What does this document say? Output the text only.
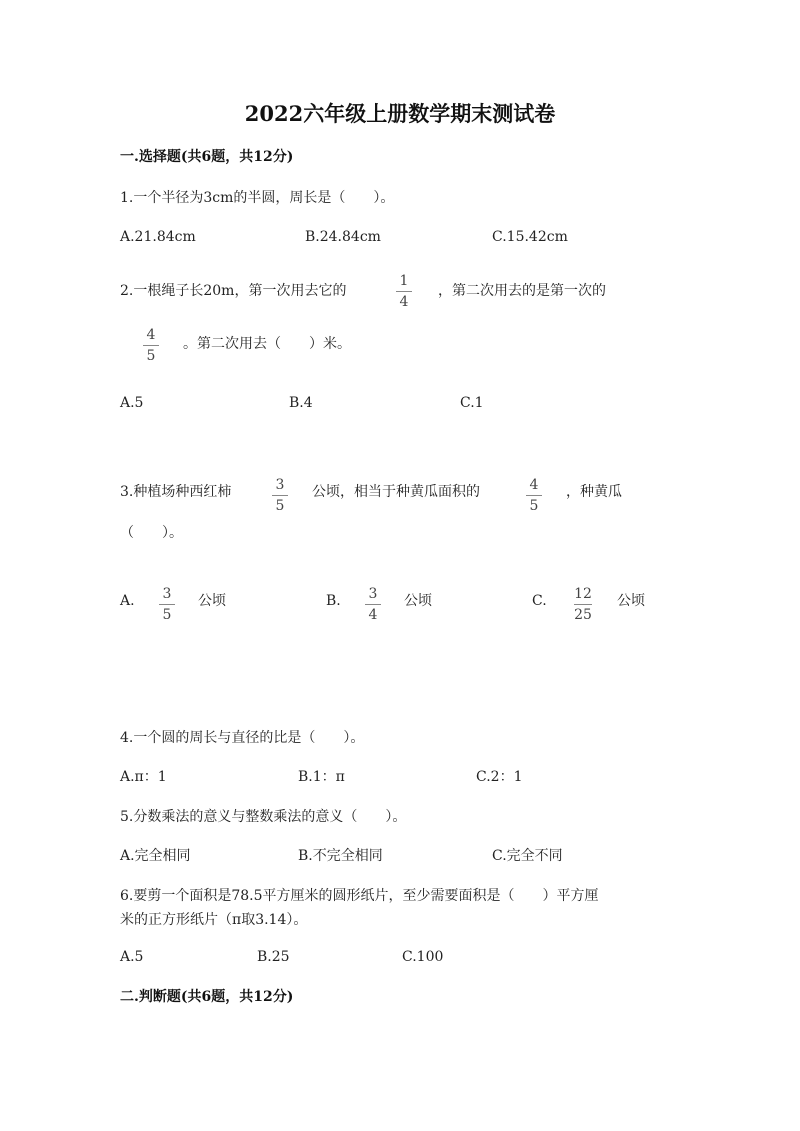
2022六年级上册数学期末测试卷
一.选择题(共6题，共12分)
1.一个半径为3cm的半圆，周长是（　　）。
A.21.84cm	B.24.84cm	C.15.42cm
2.一根绳子长20m，第一次用去它的
1
4
，第二次用去的是第一次的
4
5
。第二次用去（　　）米。
A.5	B.4	C.1
3.种植场种西红柿	3
5
公顷，相当于种黄瓜面积的	4
5
，种黄瓜
（　　）。
A.	3
5
公顷	B.	3
4
公顷	C. 12
25
公顷
4.一个圆的周长与直径的比是（　　）。
A.π：1	B.1：π	C.2：1
5.分数乘法的意义与整数乘法的意义（　　）。
A.完全相同	B.不完全相同	C.完全不同
6.要剪一个面积是78.5平方厘米的圆形纸片，至少需要面积是（　　）平方厘
米的正方形纸片（π取3.14）。
A.5	B.25	C.100
二.判断题(共6题，共12分)
